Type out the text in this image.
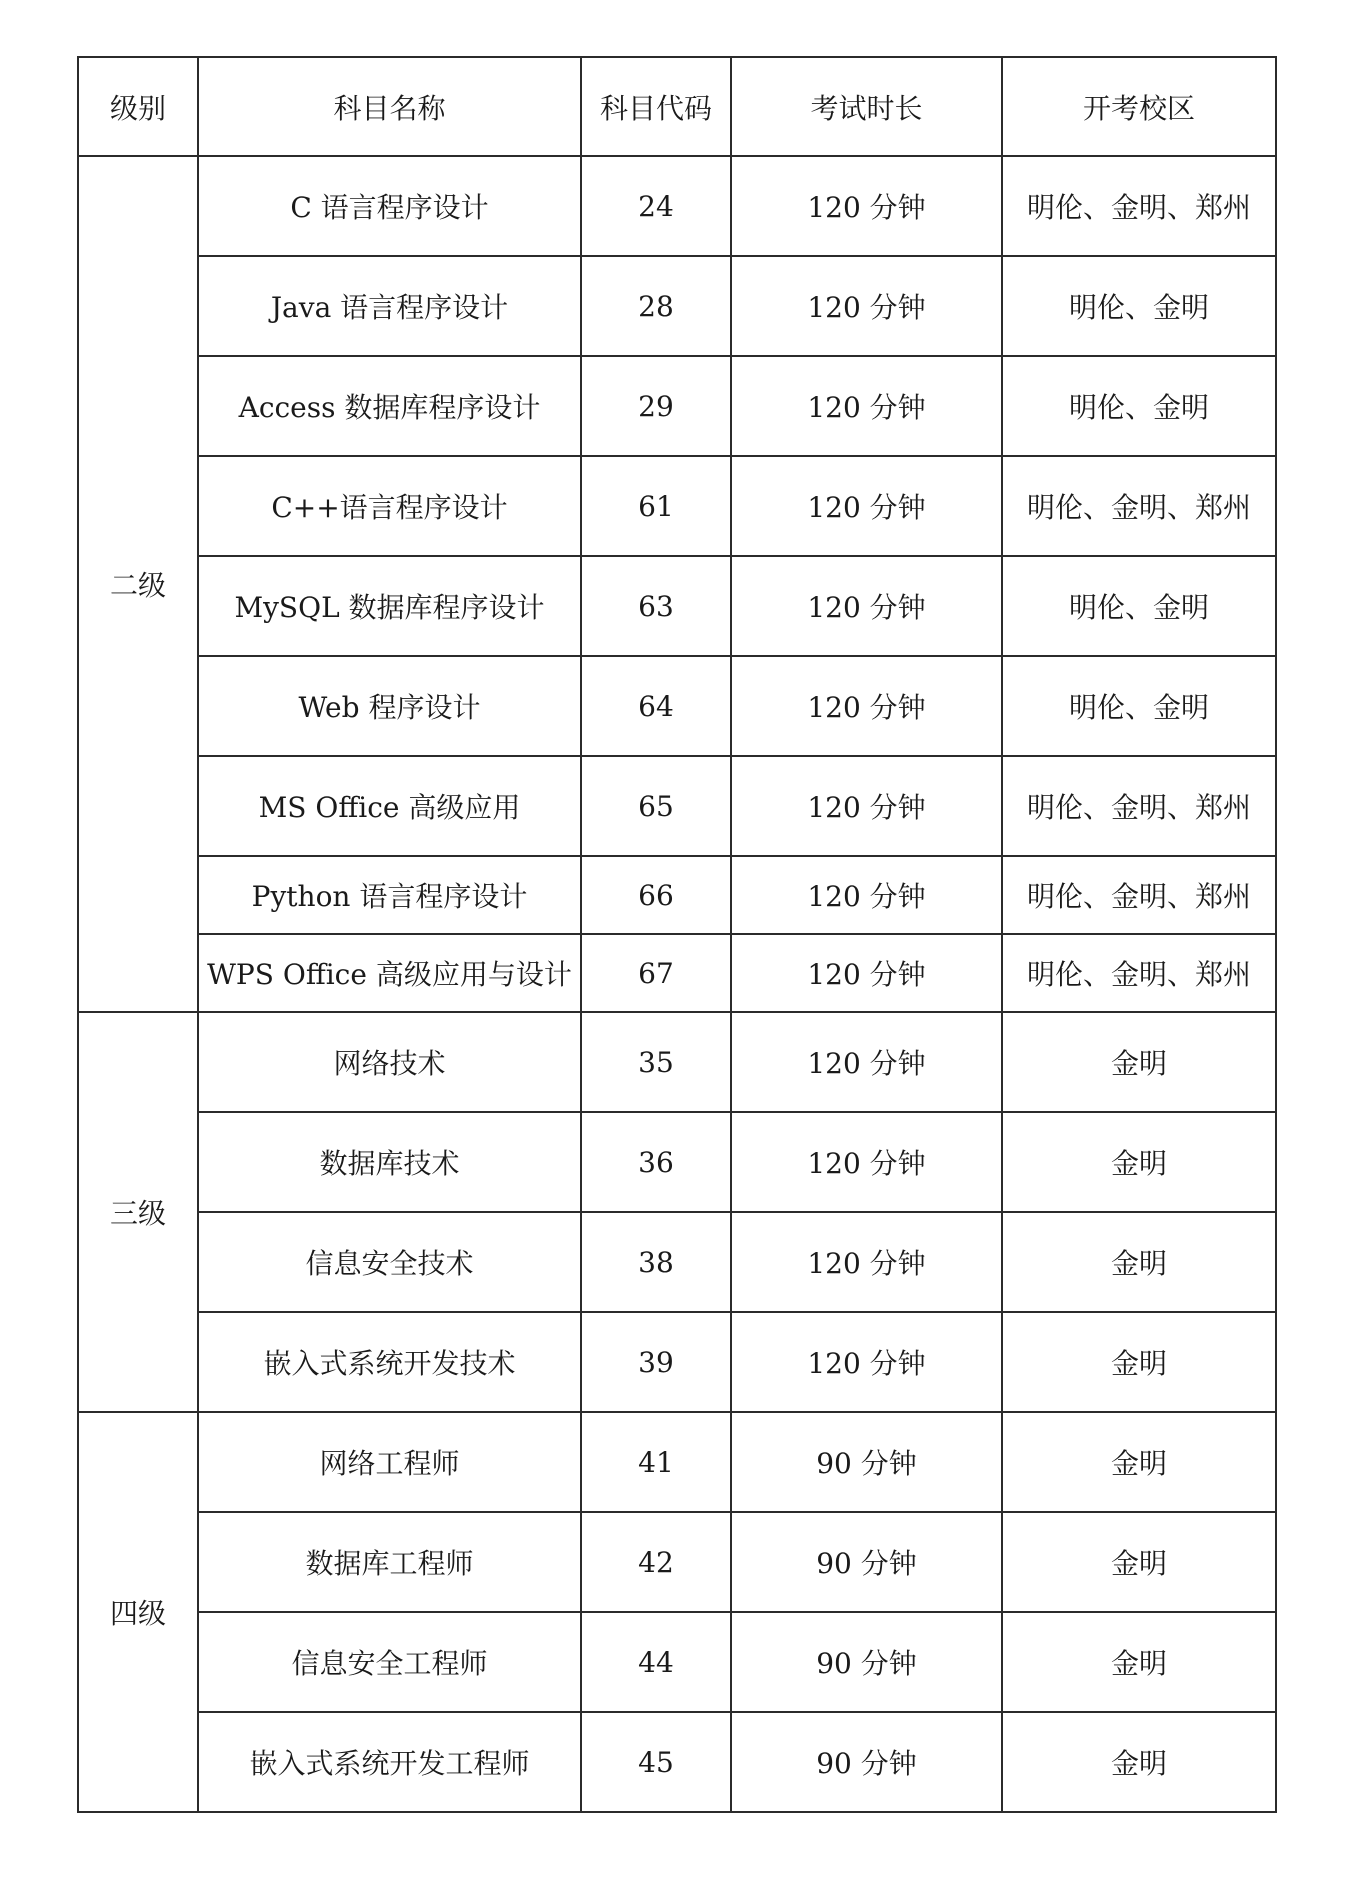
级别	科目名称	科目代码	考试时长	开考校区
二级	C 语言程序设计	24	120 分钟	明伦、金明、郑州
	Java 语言程序设计	28	120 分钟	明伦、金明
	Access 数据库程序设计	29	120 分钟	明伦、金明
	C++语言程序设计	61	120 分钟	明伦、金明、郑州
	MySQL 数据库程序设计	63	120 分钟	明伦、金明
	Web 程序设计	64	120 分钟	明伦、金明
	MS Office 高级应用	65	120 分钟	明伦、金明、郑州
	Python 语言程序设计	66	120 分钟	明伦、金明、郑州
	WPS Office 高级应用与设计	67	120 分钟	明伦、金明、郑州
三级	网络技术	35	120 分钟	金明
	数据库技术	36	120 分钟	金明
	信息安全技术	38	120 分钟	金明
	嵌入式系统开发技术	39	120 分钟	金明
四级	网络工程师	41	90 分钟	金明
	数据库工程师	42	90 分钟	金明
	信息安全工程师	44	90 分钟	金明
	嵌入式系统开发工程师	45	90 分钟	金明
